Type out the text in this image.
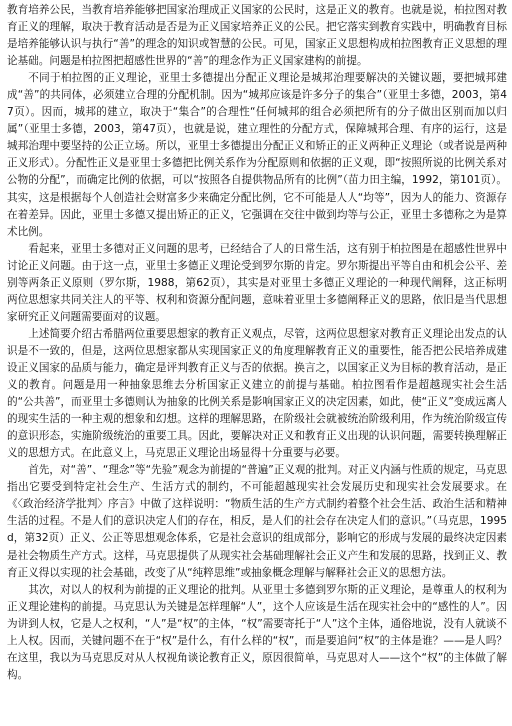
教育培养公民，当教育培养能够把国家治理成正义国家的公民时，这是正义的教育。也就是说，柏拉图对教育正义的理解，取决于教育活动是否是为正义国家培养正义的公民。把它落实到教育实践中，明确教育目标是培养能够认识与执行“善”的理念的知识或智慧的公民。可见，国家正义思想构成柏拉图教育正义思想的理论基础。问题是柏拉图把超感性世界的“善”的理念作为正义国家建构的前提。

不同于柏拉图的正义理论，亚里士多德提出分配正义理论是城邦治理要解决的关键议题，要把城邦建成“善”的共同体，必须建立合理的分配机制。因为“城邦应该是许多分子的集合”（亚里士多德，2003，第47页）。因而，城邦的建立，取决于“集合”的合理性“任何城邦的组合必须把所有的分子做出区别而加以归属”（亚里士多德，2003，第47页），也就是说，建立理性的分配方式，保障城邦合理、有序的运行，这是城邦治理中要坚持的公正立场。所以，亚里士多德提出分配正义和矫正的正义两种正义理论（或者说是两种正义形式）。分配性正义是亚里士多德把比例关系作为分配原则和依据的正义观，即“按照所说的比例关系对公物的分配”，而确定比例的依据，可以“按照各自提供物品所有的比例”（苗力田主编，1992，第101页）。其实，这是根据每个人创造社会财富多少来确定分配比例，它不可能是人人“均等”，因为人的能力、资源存在着差异。因此，亚里士多德又提出矫正的正义，它强调在交往中做到均等与公正，亚里士多德称之为是算术比例。

看起来，亚里士多德对正义问题的思考，已经结合了人的日常生活，这有别于柏拉图是在超感性世界中讨论正义问题。由于这一点，亚里士多德正义理论受到罗尔斯的肯定。罗尔斯提出平等自由和机会公平、差别等两条正义原则（罗尔斯，1988，第62页），其实是对亚里士多德正义理论的一种现代阐释，这正标明两位思想家共同关注人的平等、权利和资源分配问题，意味着亚里士多德阐释正义的思路，依旧是当代思想家研究正义问题需要面对的议题。

上述简要介绍古希腊两位重要思想家的教育正义观点，尽管，这两位思想家对教育正义理论出发点的认识是不一致的，但是，这两位思想家都从实现国家正义的角度理解教育正义的重要性，能否把公民培养成建设正义国家的品质与能力，确定是评判教育正义与否的依据。换言之，以国家正义为目标的教育活动，是正义的教育。问题是用一种抽象思维去分析国家正义建立的前提与基础。柏拉图看作是超越现实社会生活的“公共善”，而亚里士多德则认为抽象的比例关系是影响国家正义的决定因素，如此，使“正义”变成远离人的现实生活的一种主观的想象和幻想。这样的理解思路，在阶级社会就被统治阶级利用，作为统治阶级宣传的意识形态，实施阶级统治的重要工具。因此，要解决对正义和教育正义出现的认识问题，需要转换理解正义的思想方式。在此意义上，马克思正义理论出场显得十分重要与必要。

首先，对“善”、“理念”等“先验”观念为前提的“普遍”正义观的批判。对正义内涵与性质的规定，马克思指出它要受到特定社会生产、生活方式的制约，不可能超越现实社会发展历史和现实社会发展要求。在《〈政治经济学批判〉序言》中做了这样说明：“物质生活的生产方式制约着整个社会生活、政治生活和精神生活的过程。不是人们的意识决定人们的存在，相反，是人们的社会存在决定人们的意识。”（马克思，1995d，第32页）正义、公正等思想观念体系，它是社会意识的组成部分，影响它的形成与发展的最终决定因素是社会物质生产方式。这样，马克思提供了从现实社会基础理解社会正义产生和发展的思路，找到正义、教育正义得以实现的社会基础，改变了从“纯粹思维”或抽象概念理解与解释社会正义的思想方法。

其次，对以人的权利为前提的正义理论的批判。从亚里士多德到罗尔斯的正义理论，是尊重人的权利为正义理论建构的前提。马克思认为关键是怎样理解“人”，这个人应该是生活在现实社会中的“感性的人”。因为讲到人权，它是人之权利，“人”是“权”的主体，“权”需要寄托于“人”这个主体，通俗地说，没有人就谈不上人权。因而，关键问题不在于“权”是什么，有什么样的“权”，而是要追问“权”的主体是谁？——是人吗？在这里，我以为马克思反对从人权视角谈论教育正义，原因很简单，马克思对人——这个“权”的主体做了解构。
